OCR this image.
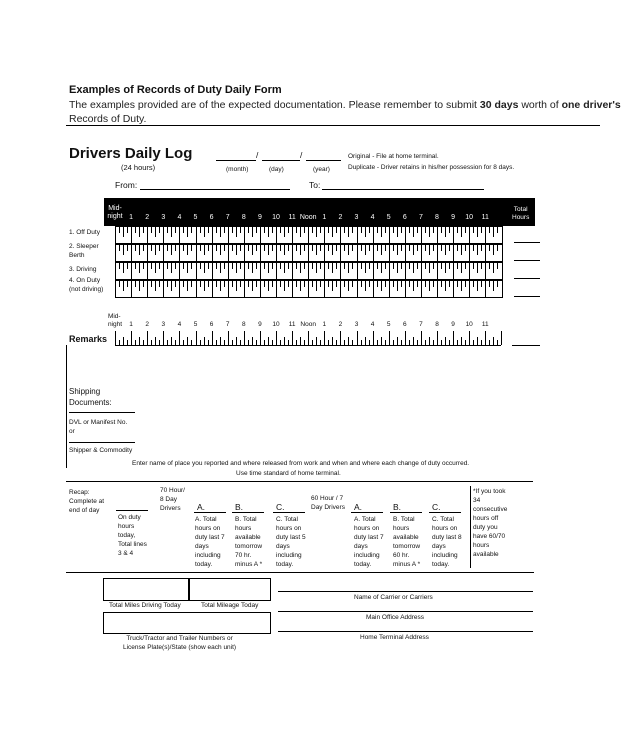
Examples of Records of Duty Daily Form
The examples provided are of the expected documentation. Please remember to submit 30 days worth of one driver's
Records of Duty.
Drivers Daily Log
(24 hours)
/	/
(month)	(day)	(year)
Original - File at home terminal.
Duplicate - Driver retains in his/her possession for 8 days.
From:	To:
Mid-
night 1 2 3 4 5 6 7 8 9 10 11 Noon 1 2 3 4 5 6 7 8 9 10 11
Total
Hours
1. Off Duty
2. Sleeper
Berth
3. Driving
4. On Duty
(not driving)
Mid-
night 1 2 3 4 5 6 7 8 9 10 11 Noon 1 2 3 4 5 6 7 8 9 10 11
Remarks
Shipping
Documents:
DVL or Manifest No.
or
Shipper & Commodity
Enter name of place you reported and where released from work and when and where each change of duty occurred.
Use time standard of home terminal.
Recap:
Complete at
end of day
On duty
hours
today,
Total lines
3 & 4
70 Hour/
8 Day
Drivers	A.	B.	C.
A. Total
hours on
duty last 7
days
including
today.
B. Total
hours
available
tomorrow
70 hr.
minus A *
C. Total
hours on
duty last 5
days
including
today.
60 Hour / 7
Day Drivers A.	B.	C.
A. Total
hours on
duty last 7
days
including
today.
B. Total
hours
available
tomorrow
60 hr.
minus A *
C. Total
hours on
duty last 8
days
including
today.
*If you took
34
consecutive
hours off
duty you
have 60/70
hours
available
Total Miles Driving Today	Total Mileage Today
Truck/Tractor and Trailer Numbers or
License Plate(s)/State (show each unit)
Name of Carrier or Carriers
Main Office Address
Home Terminal Address
